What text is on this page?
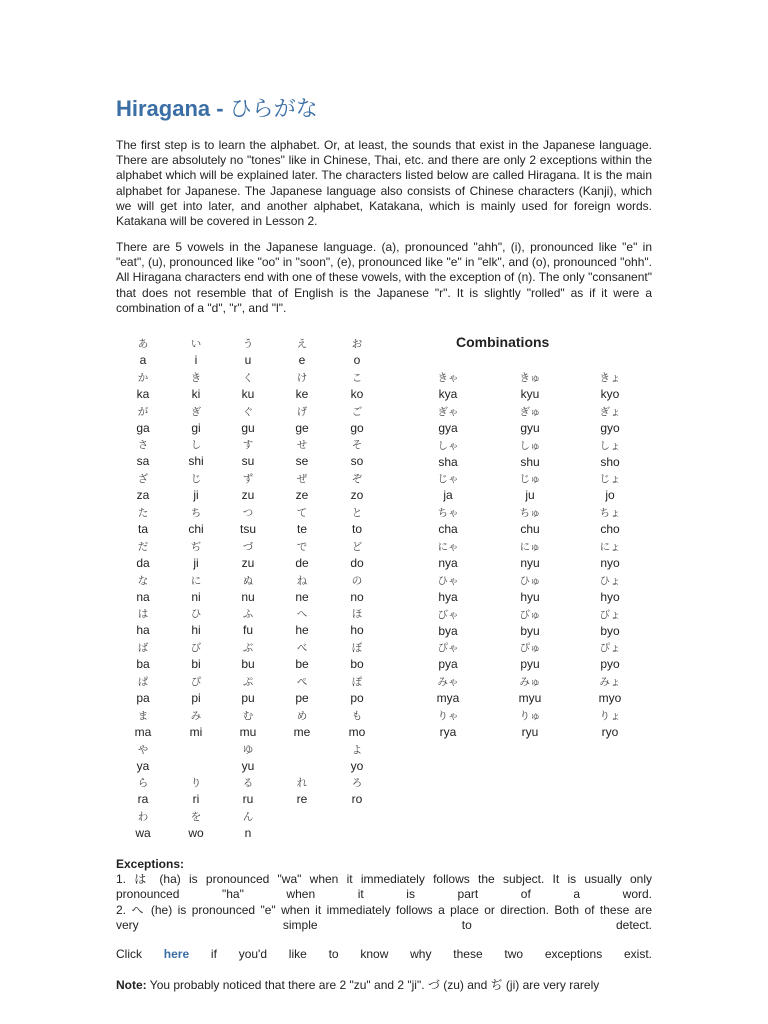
Hiragana - ひらがな

The first step is to learn the alphabet. Or, at least, the sounds that exist in the Japanese language. There are absolutely no "tones" like in Chinese, Thai, etc. and there are only 2 exceptions within the alphabet which will be explained later. The characters listed below are called Hiragana. It is the main alphabet for Japanese. The Japanese language also consists of Chinese characters (Kanji), which we will get into later, and another alphabet, Katakana, which is mainly used for foreign words. Katakana will be covered in Lesson 2.

There are 5 vowels in the Japanese language. (a), pronounced "ahh", (i), pronounced like "e" in "eat", (u), pronounced like "oo" in "soon", (e), pronounced like "e" in "elk", and (o), pronounced "ohh". All Hiragana characters end with one of these vowels, with the exception of (n). The only "consanent" that does not resemble that of English is the Japanese "r". It is slightly "rolled" as if it were a combination of a "d", "r", and "l".

あ
a
い
i
う
u
え
e
お
o
か
ka
き
ki
く
ku
け
ke
こ
ko
が
ga
ぎ
gi
ぐ
gu
げ
ge
ご
go
さ
sa
し
shi
す
su
せ
se
そ
so
ざ
za
じ
ji
ず
zu
ぜ
ze
ぞ
zo
た
ta
ち
chi
つ
tsu
て
te
と
to
だ
da
ぢ
ji
づ
zu
で
de
ど
do
な
na
に
ni
ぬ
nu
ね
ne
の
no
は
ha
ひ
hi
ふ
fu
へ
he
ほ
ho
ば
ba
び
bi
ぶ
bu
べ
be
ぼ
bo
ぱ
pa
ぴ
pi
ぷ
pu
ぺ
pe
ぽ
po
ま
ma
み
mi
む
mu
め
me
も
mo
や
ya
ゆ
yu
よ
yo
ら
ra
り
ri
る
ru
れ
re
ろ
ro
わ
wa
を
wo
ん
n
きゃ
kya
きゅ
kyu
きょ
kyo
ぎゃ
gya
ぎゅ
gyu
ぎょ
gyo
しゃ
sha
しゅ
shu
しょ
sho
じゃ
ja
じゅ
ju
じょ
jo
ちゃ
cha
ちゅ
chu
ちょ
cho
にゃ
nya
にゅ
nyu
にょ
nyo
ひゃ
hya
ひゅ
hyu
ひょ
hyo
びゃ
bya
びゅ
byu
びょ
byo
ぴゃ
pya
ぴゅ
pyu
ぴょ
pyo
みゃ
mya
みゅ
myu
みょ
myo
りゃ
rya
りゅ
ryu
りょ
ryo
Combinations
Exceptions:
1. は (ha) is pronounced "wa" when it immediately follows the subject. It is usually only
pronounced "ha" when it is part of a word.
2. へ (he) is pronounced "e" when it immediately follows a place or direction. Both of these are
very simple to detect.
Click here if you'd like to know why these two exceptions exist.
Note: You probably noticed that there are 2 "zu" and 2 "ji". づ (zu) and ぢ (ji) are very rarely
